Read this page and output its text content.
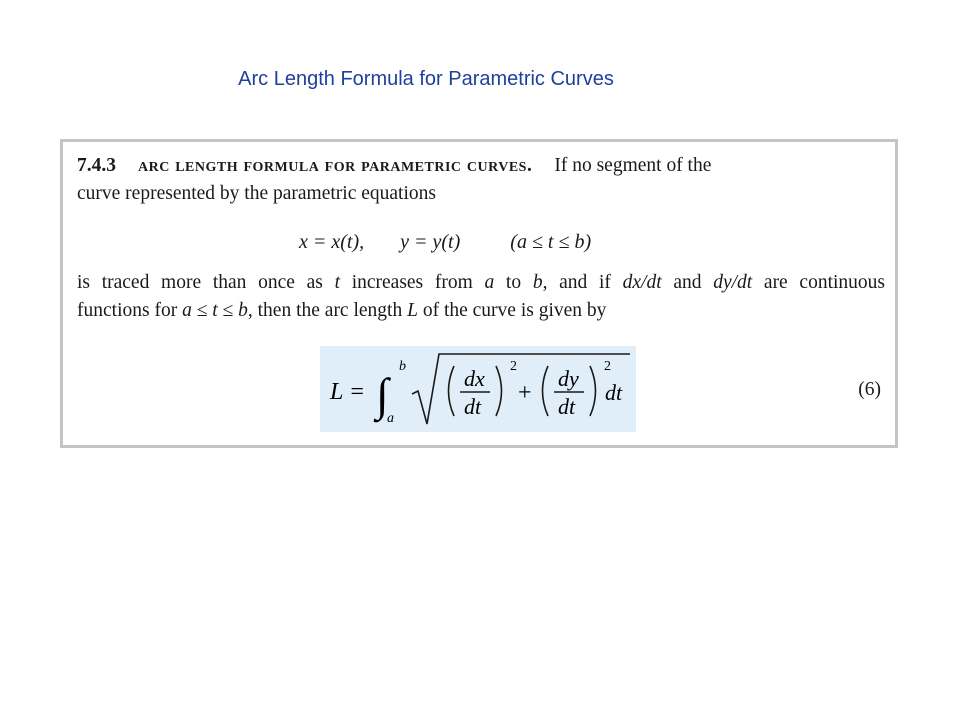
Arc Length Formula for Parametric Curves
7.4.3 arc length formula for parametric curves. If no segment of the
curve represented by the parametric equations
x = x(t), y = y(t)	(a ≤ t ≤ b)
is traced more than once as t increases from a to b, and if dx/dt and dy/dt are continuous
functions for a ≤ t ≤ b, then the arc length L of the curve is given by
L = ∫
b
a
dx
dt
2
+
dy
dt
2
dt	(6)
